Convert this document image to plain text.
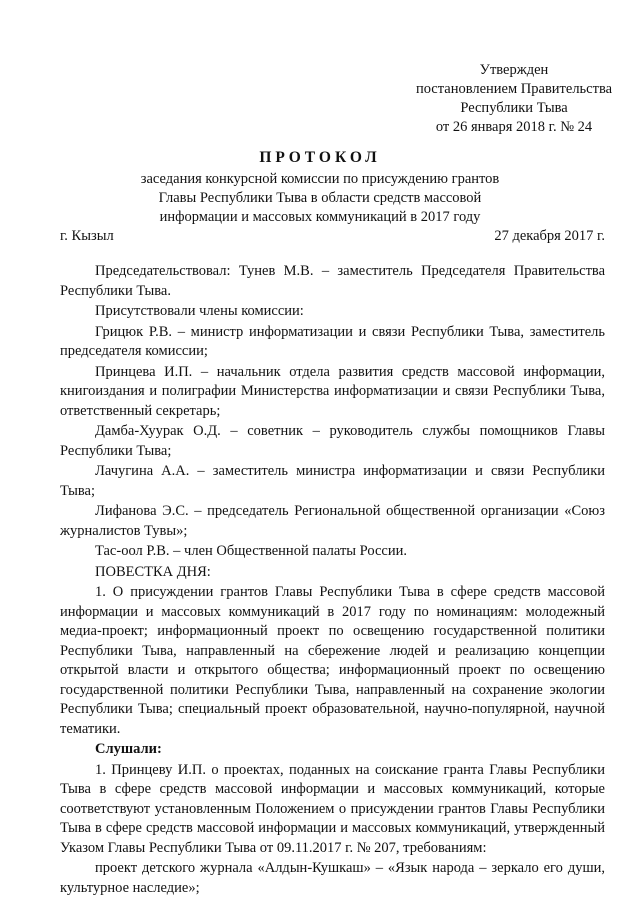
Утвержден
постановлением Правительства
Республики Тыва
от 26 января 2018 г. № 24
ПРОТОКОЛ
заседания конкурсной комиссии по присуждению грантов
Главы Республики Тыва в области средств массовой
информации и массовых коммуникаций в 2017 году
г. Кызыл	27 декабря 2017 г.

Председательствовал: Тунев М.В. – заместитель Председателя Правительства Республики Тыва.

Присутствовали члены комиссии:

Грицюк Р.В. – министр информатизации и связи Республики Тыва, заместитель председателя комиссии;

Принцева И.П. – начальник отдела развития средств массовой информации, книгоиздания и полиграфии Министерства информатизации и связи Республики Тыва, ответственный секретарь;

Дамба-Хуурак О.Д. – советник – руководитель службы помощников Главы Республики Тыва;

Лачугина А.А. – заместитель министра информатизации и связи Республики Тыва;

Лифанова Э.С. – председатель Региональной общественной организации «Союз журналистов Тувы»;

Тас-оол Р.В. – член Общественной палаты России.

ПОВЕСТКА ДНЯ:

1. О присуждении грантов Главы Республики Тыва в сфере средств массовой информации и массовых коммуникаций в 2017 году по номинациям: молодежный медиа-проект; информационный проект по освещению государственной политики Республики Тыва, направленный на сбережение людей и реализацию концепции открытой власти и открытого общества; информационный проект по освещению государственной политики Республики Тыва, направленный на сохранение экологии Республики Тыва; специальный проект образовательной, научно-популярной, научной тематики.

Слушали:

1. Принцеву И.П. о проектах, поданных на соискание гранта Главы Республики Тыва в сфере средств массовой информации и массовых коммуникаций, которые соответствуют установленным Положением о присуждении грантов Главы Республики Тыва в сфере средств массовой информации и массовых коммуникаций, утвержденный Указом Главы Республики Тыва от 09.11.2017 г. № 207, требованиям:

проект детского журнала «Алдын-Кушкаш» – «Язык народа – зеркало его души, культурное наследие»;
